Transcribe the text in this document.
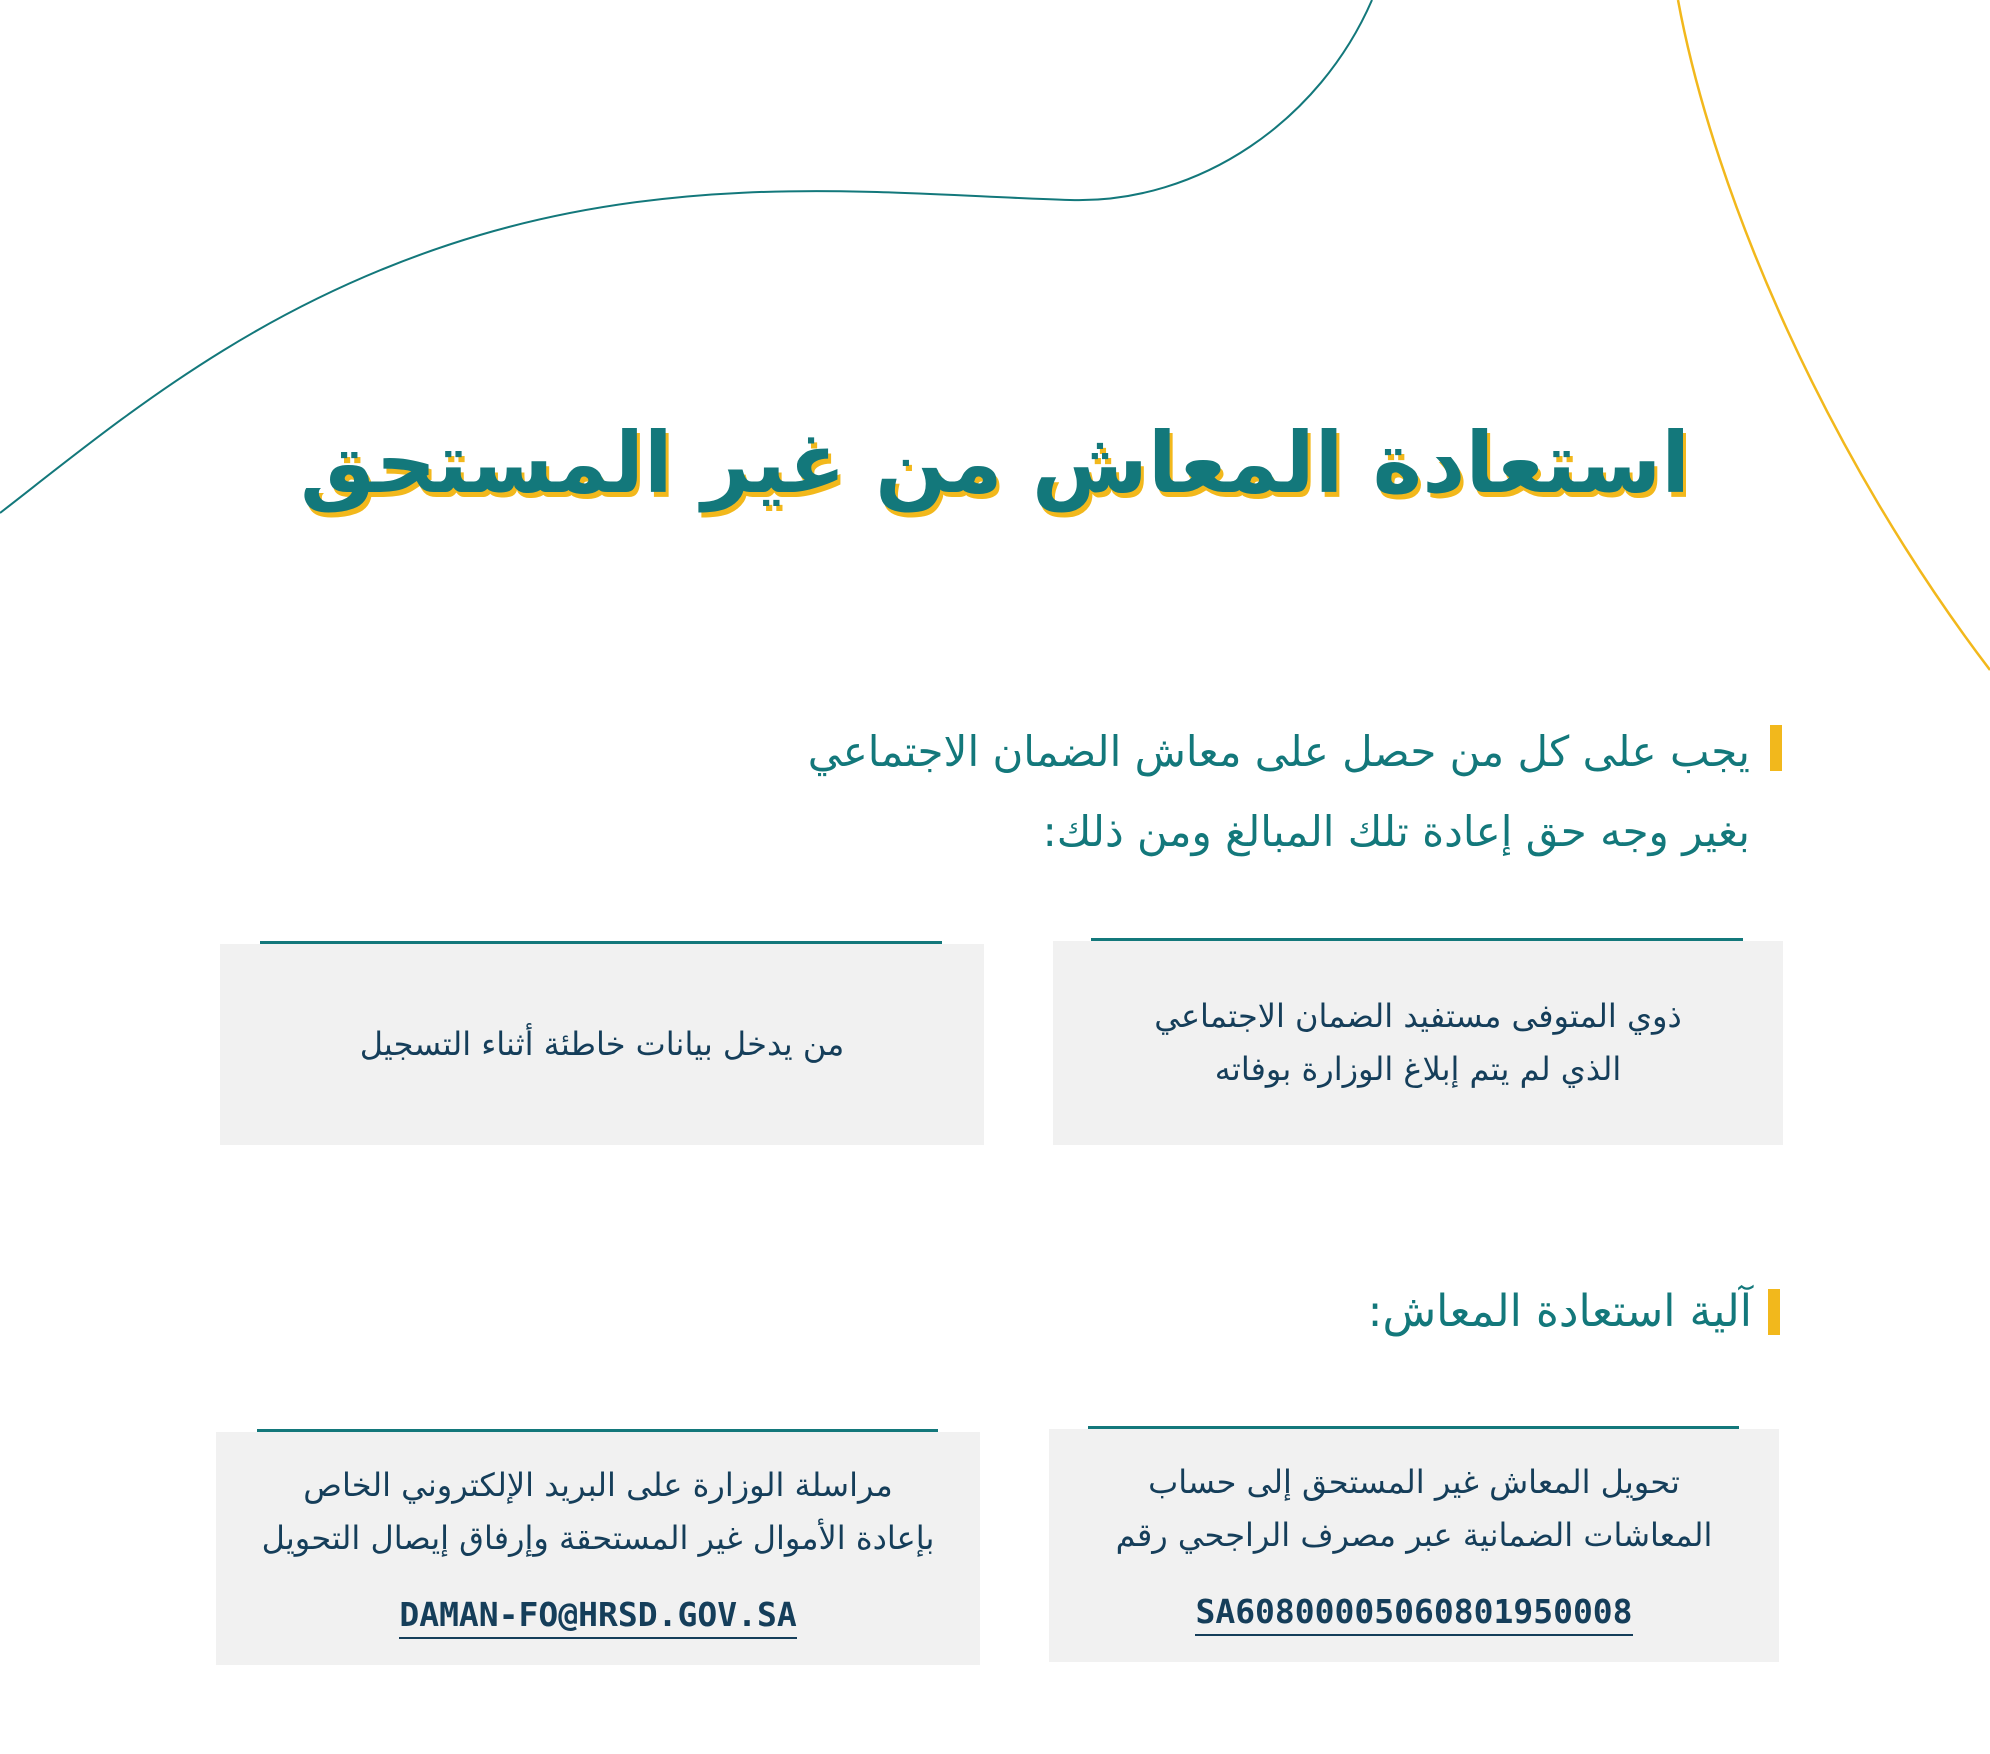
استعادة المعاش من غير المستحق
يجب على كل من حصل على معاش الضمان الاجتماعي
بغير وجه حق إعادة تلك المبالغ ومن ذلك:
ذوي المتوفى مستفيد الضمان الاجتماعي
الذي لم يتم إبلاغ الوزارة بوفاته
من يدخل بيانات خاطئة أثناء التسجيل
آلية استعادة المعاش:
تحويل المعاش غير المستحق إلى حساب
المعاشات الضمانية عبر مصرف الراجحي رقم
SA6080000506080195000‌8
مراسلة الوزارة على البريد الإلكتروني الخاص
بإعادة الأموال غير المستحقة وإرفاق إيصال التحويل
DAMAN-FO@HRSD.GOV.SA
